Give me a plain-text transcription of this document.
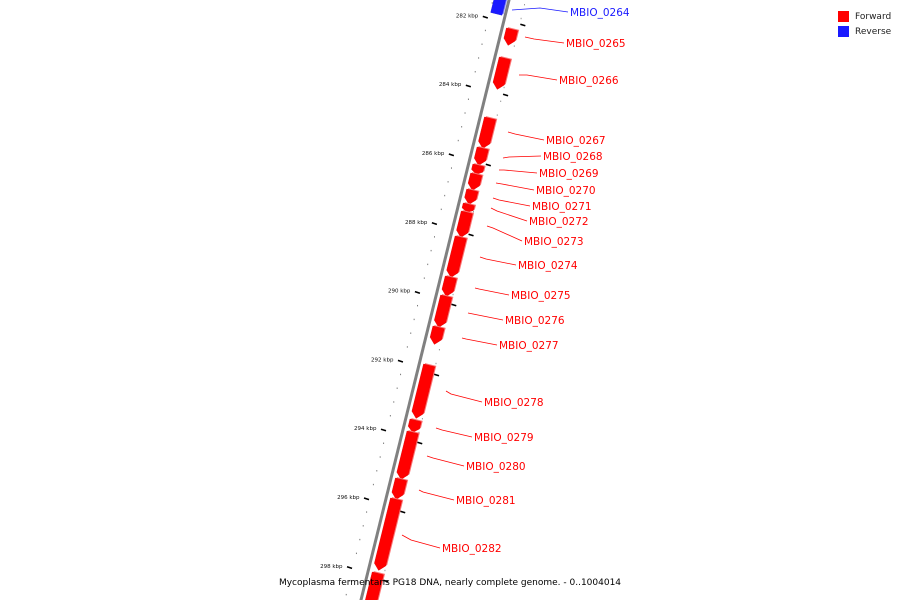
282 kbp
284 kbp
286 kbp
288 kbp
290 kbp
292 kbp
294 kbp
296 kbp
298 kbp
MBIO_0264
MBIO_0265
MBIO_0266
MBIO_0267
MBIO_0268
MBIO_0269
MBIO_0270
MBIO_0271
MBIO_0272
MBIO_0273
MBIO_0274
MBIO_0275
MBIO_0276
MBIO_0277
MBIO_0278
MBIO_0279
MBIO_0280
MBIO_0281
MBIO_0282
Forward
Reverse
Mycoplasma fermentans PG18 DNA, nearly complete genome. - 0..1004014
